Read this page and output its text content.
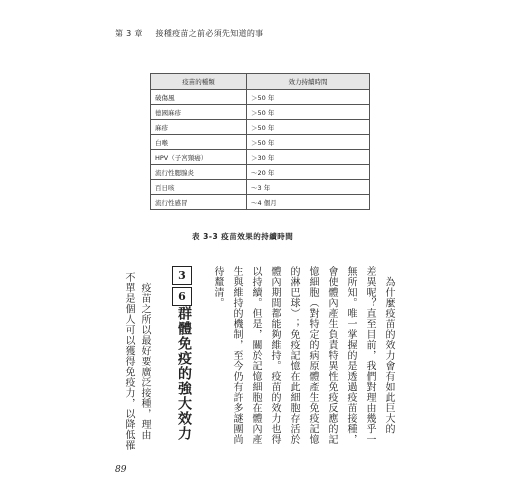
第 3 章 接種疫苗之前必須先知道的事
疫苗的種類	效力持續時間
破傷風	＞50 年
德國麻疹	＞50 年
麻疹	＞50 年
白喉	＞50 年
HPV（子宮頸癌）	＞30 年
流行性腮腺炎	～20 年
百日咳	～3 年
流行性感冒	～4 個月
表 3-3 疫苗效果的持續時間
　為什麼疫苗的效力會有如此巨大的
差異呢？直至目前，我們對理由幾乎一
無所知。唯一掌握的是透過疫苗接種，
會使體內產生負責特異性免疫反應的記
憶細胞（對特定的病原體產生免疫記憶
的淋巴球）；免疫記憶在此細胞存活於
體內期間都能夠維持。疫苗的效力也得
以持續。但是，關於記憶細胞在體內產
生與維持的機制，至今仍有許多謎團尚
待釐清。
3
6
群體免疫的強大效力
　疫苗之所以最好要廣泛接種，理由
不單是個人可以獲得免疫力，以降低罹
89
